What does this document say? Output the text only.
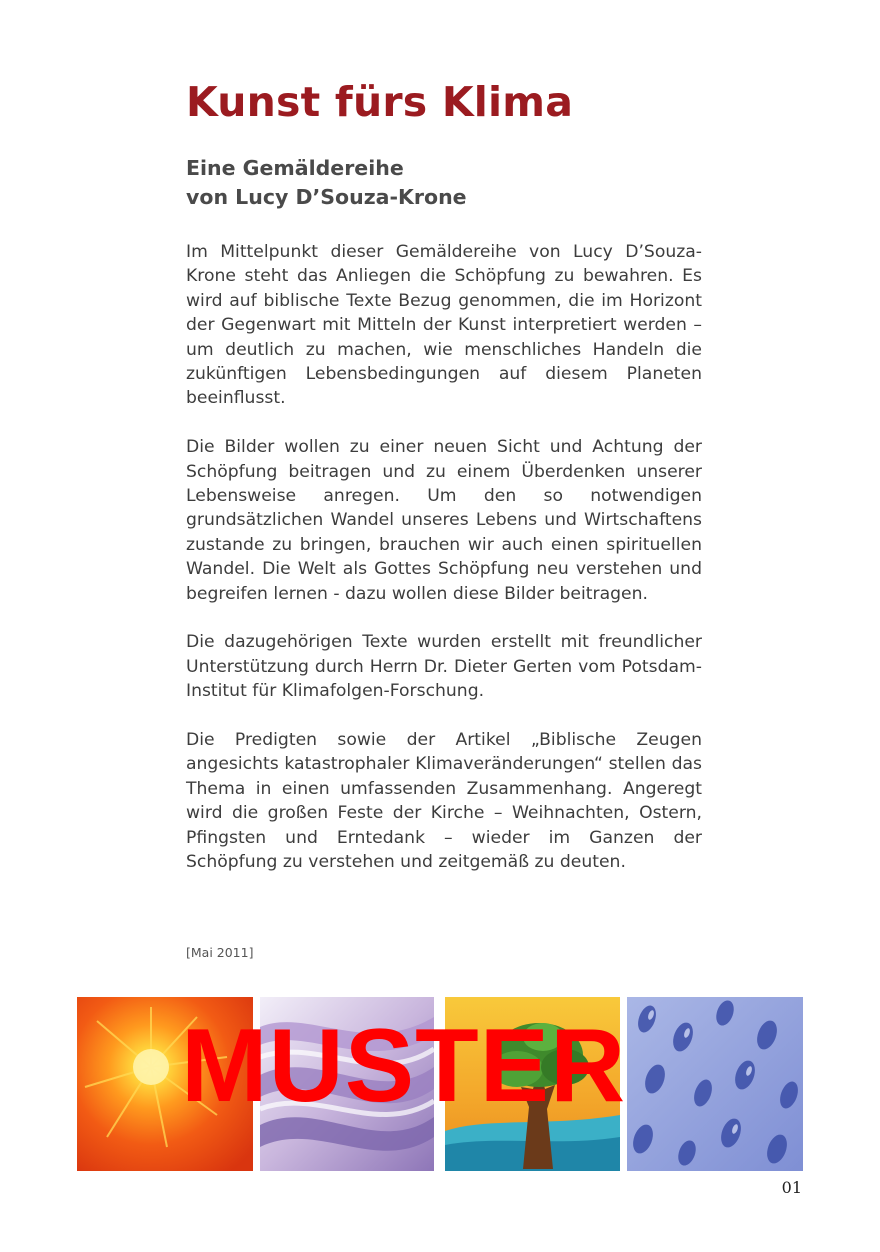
Kunst fürs Klima
Eine Gemäldereihe
von Lucy D’Souza-Krone

Im Mittelpunkt dieser Gemäldereihe von Lucy D’Souza-Krone steht das Anliegen die Schöpfung zu bewahren. Es wird auf biblische Texte Bezug genommen, die im Horizont der Gegenwart mit Mitteln der Kunst interpretiert werden – um deutlich zu machen, wie menschliches Handeln die zukünftigen Lebensbedingungen auf diesem Planeten beeinflusst.

Die Bilder wollen zu einer neuen Sicht und Achtung der Schöpfung beitragen und zu einem Überdenken unserer Lebensweise anregen. Um den so notwendigen grundsätzlichen Wandel unseres Lebens und Wirtschaftens zustande zu bringen, brauchen wir auch einen spirituellen Wandel. Die Welt als Gottes Schöpfung neu verstehen und begreifen lernen - dazu wollen diese Bilder beitragen.

Die dazugehörigen Texte wurden erstellt mit freundlicher Unterstützung durch Herrn Dr. Dieter Gerten vom Potsdam-Institut für Klimafolgen-Forschung.

Die Predigten sowie der Artikel „Biblische Zeugen angesichts katastrophaler Klimaveränderungen“ stellen das Thema in einen umfassenden Zusammenhang. Angeregt wird die großen Feste der Kirche – Weihnachten, Ostern, Pfingsten und Erntedank – wieder im Ganzen der Schöpfung zu verstehen und zeitgemäß zu deuten.

[Mai 2011]
MUSTER
01
